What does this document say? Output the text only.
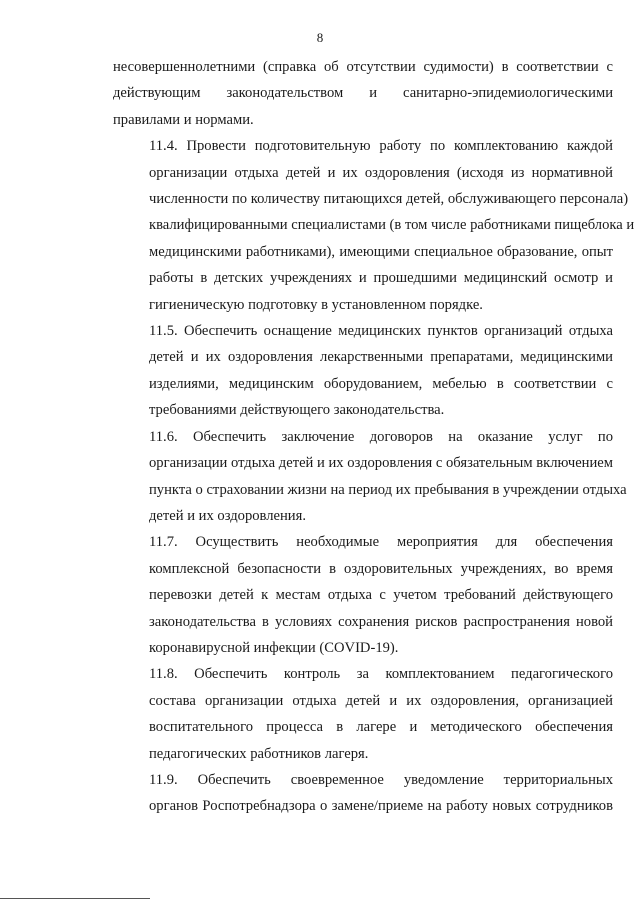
8

несовершеннолетними (справка об отсутствии судимости) в соответствии с
действующим законодательством и санитарно-эпидемиологическими
правилами и нормами.

11.4. Провести подготовительную работу по комплектованию каждой
организации отдыха детей и их оздоровления (исходя из нормативной
численности по количеству питающихся детей, обслуживающего персонала)
квалифицированными специалистами (в том числе работниками пищеблока и
медицинскими работниками), имеющими специальное образование, опыт
работы в детских учреждениях и прошедшими медицинский осмотр и
гигиеническую подготовку в установленном порядке.

11.5. Обеспечить оснащение медицинских пунктов организаций отдыха
детей и их оздоровления лекарственными препаратами, медицинскими
изделиями, медицинским оборудованием, мебелью в соответствии с
требованиями действующего законодательства.

11.6. Обеспечить заключение договоров на оказание услуг по
организации отдыха детей и их оздоровления с обязательным включением
пункта о страховании жизни на период их пребывания в учреждении отдыха
детей и их оздоровления.

11.7. Осуществить необходимые мероприятия для обеспечения
комплексной безопасности в оздоровительных учреждениях, во время
перевозки детей к местам отдыха с учетом требований действующего
законодательства в условиях сохранения рисков распространения новой
коронавирусной инфекции (COVID-19).

11.8. Обеспечить контроль за комплектованием педагогического
состава организации отдыха детей и их оздоровления, организацией
воспитательного процесса в лагере и методического обеспечения
педагогических работников лагеря.

11.9. Обеспечить своевременное уведомление территориальных
органов Роспотребнадзора о замене/приеме на работу новых сотрудников
